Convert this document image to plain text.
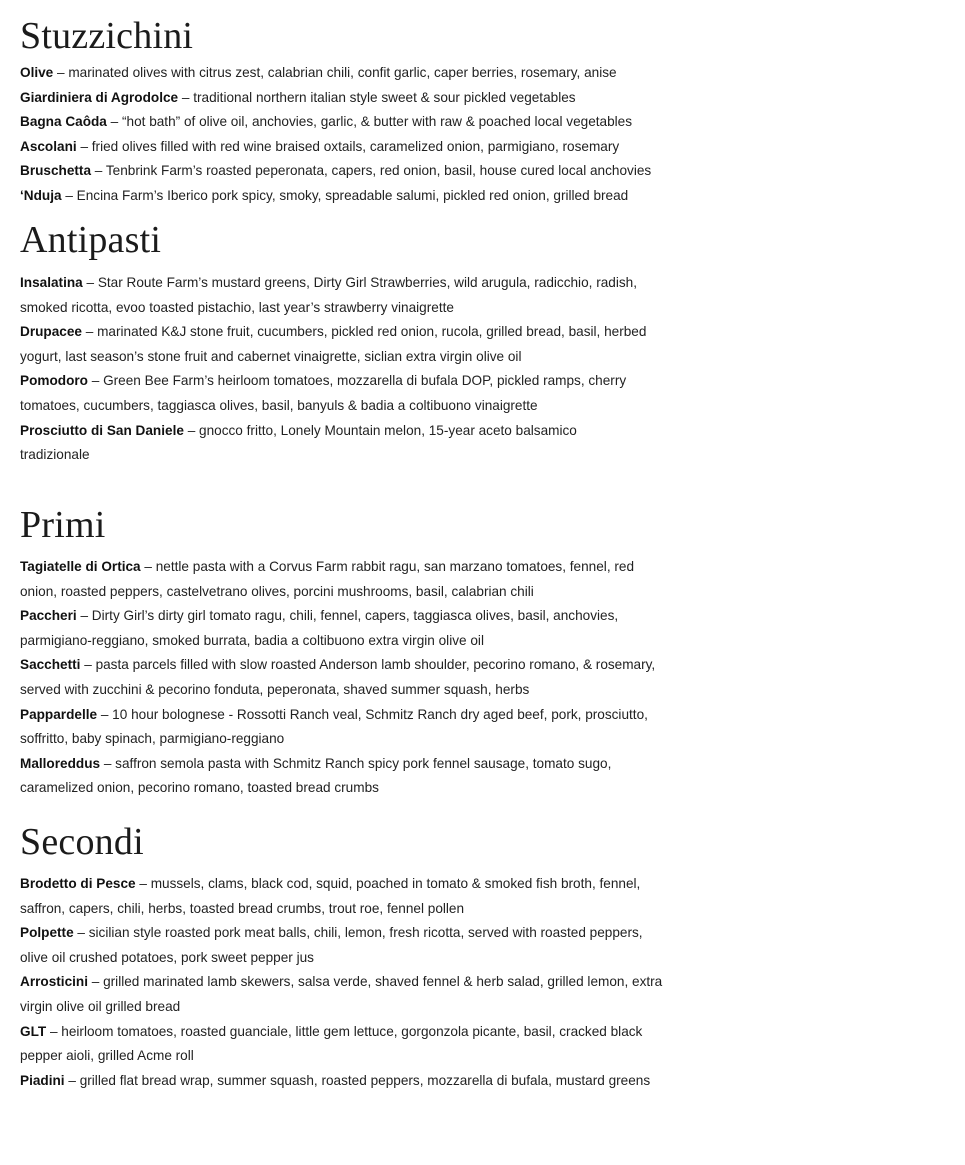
Stuzzichini
Olive – marinated olives with citrus zest, calabrian chili, confit garlic, caper berries, rosemary, anise
Giardiniera di Agrodolce – traditional northern italian style sweet & sour pickled vegetables
Bagna Caôda – “hot bath” of olive oil, anchovies, garlic, & butter with raw & poached local vegetables
Ascolani – fried olives filled with red wine braised oxtails, caramelized onion, parmigiano, rosemary
Bruschetta – Tenbrink Farm’s roasted peperonata, capers, red onion, basil, house cured local anchovies
‘Nduja – Encina Farm’s Iberico pork spicy, smoky, spreadable salumi, pickled red onion, grilled bread
Antipasti
Insalatina – Star Route Farm’s mustard greens, Dirty Girl Strawberries, wild arugula, radicchio, radish, smoked ricotta, evoo toasted pistachio, last year’s strawberry vinaigrette
Drupacee – marinated K&J stone fruit, cucumbers, pickled red onion, rucola, grilled bread, basil, herbed yogurt, last season’s stone fruit and cabernet vinaigrette, siclian extra virgin olive oil
Pomodoro – Green Bee Farm’s heirloom tomatoes, mozzarella di bufala DOP, pickled ramps, cherry tomatoes, cucumbers, taggiasca olives, basil, banyuls & badia a coltibuono vinaigrette
Prosciutto di San Daniele – gnocco fritto, Lonely Mountain melon, 15-year aceto balsamico tradizionale
Primi
Tagiatelle di Ortica – nettle pasta with a Corvus Farm rabbit ragu, san marzano tomatoes, fennel, red onion, roasted peppers, castelvetrano olives, porcini mushrooms, basil, calabrian chili
Paccheri – Dirty Girl’s dirty girl tomato ragu, chili, fennel, capers, taggiasca olives, basil, anchovies, parmigiano-reggiano, smoked burrata, badia a coltibuono extra virgin olive oil
Sacchetti – pasta parcels filled with slow roasted Anderson lamb shoulder, pecorino romano, & rosemary, served with zucchini & pecorino fonduta, peperonata, shaved summer squash, herbs
Pappardelle – 10 hour bolognese - Rossotti Ranch veal, Schmitz Ranch dry aged beef, pork, prosciutto, soffritto, baby spinach, parmigiano-reggiano
Malloreddus – saffron semola pasta with Schmitz Ranch spicy pork fennel sausage, tomato sugo, caramelized onion, pecorino romano, toasted bread crumbs
Secondi
Brodetto di Pesce – mussels, clams, black cod, squid, poached in tomato & smoked fish broth, fennel, saffron, capers, chili, herbs, toasted bread crumbs, trout roe, fennel pollen
Polpette – sicilian style roasted pork meat balls, chili, lemon, fresh ricotta, served with roasted peppers, olive oil crushed potatoes, pork sweet pepper jus
Arrosticini – grilled marinated lamb skewers, salsa verde, shaved fennel & herb salad, grilled lemon, extra virgin olive oil grilled bread
GLT – heirloom tomatoes, roasted guanciale, little gem lettuce, gorgonzola picante, basil, cracked black pepper aioli, grilled Acme roll
Piadini – grilled flat bread wrap, summer squash, roasted peppers, mozzarella di bufala, mustard greens
